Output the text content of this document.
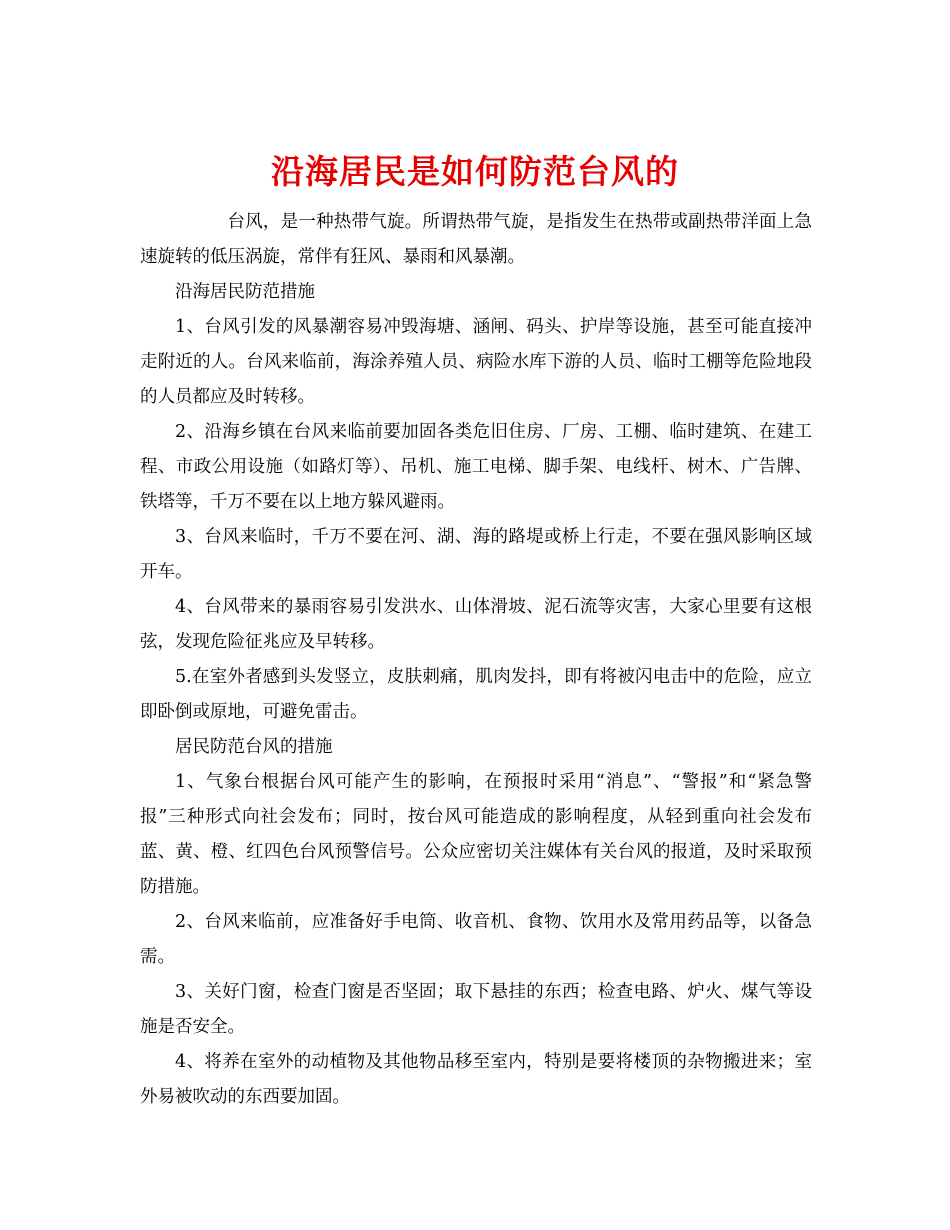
沿海居民是如何防范台风的

台风，是一种热带气旋。所谓热带气旋，是指发生在热带或副热带洋面上急速旋转的低压涡旋，常伴有狂风、暴雨和风暴潮。

沿海居民防范措施

1、台风引发的风暴潮容易冲毁海塘、涵闸、码头、护岸等设施，甚至可能直接冲走附近的人。台风来临前，海涂养殖人员、病险水库下游的人员、临时工棚等危险地段的人员都应及时转移。

2、沿海乡镇在台风来临前要加固各类危旧住房、厂房、工棚、临时建筑、在建工程、市政公用设施（如路灯等）、吊机、施工电梯、脚手架、电线杆、树木、广告牌、铁塔等，千万不要在以上地方躲风避雨。

3、台风来临时，千万不要在河、湖、海的路堤或桥上行走，不要在强风影响区域开车。

4、台风带来的暴雨容易引发洪水、山体滑坡、泥石流等灾害，大家心里要有这根弦，发现危险征兆应及早转移。

5.在室外者感到头发竖立，皮肤刺痛，肌肉发抖，即有将被闪电击中的危险，应立即卧倒或原地，可避免雷击。

居民防范台风的措施

1、气象台根据台风可能产生的影响，在预报时采用“消息”、“警报”和“紧急警报”三种形式向社会发布；同时，按台风可能造成的影响程度，从轻到重向社会发布蓝、黄、橙、红四色台风预警信号。公众应密切关注媒体有关台风的报道，及时采取预防措施。

2、台风来临前，应准备好手电筒、收音机、食物、饮用水及常用药品等，以备急需。

3、关好门窗，检查门窗是否坚固；取下悬挂的东西；检查电路、炉火、煤气等设施是否安全。

4、将养在室外的动植物及其他物品移至室内，特别是要将楼顶的杂物搬进来；室外易被吹动的东西要加固。
